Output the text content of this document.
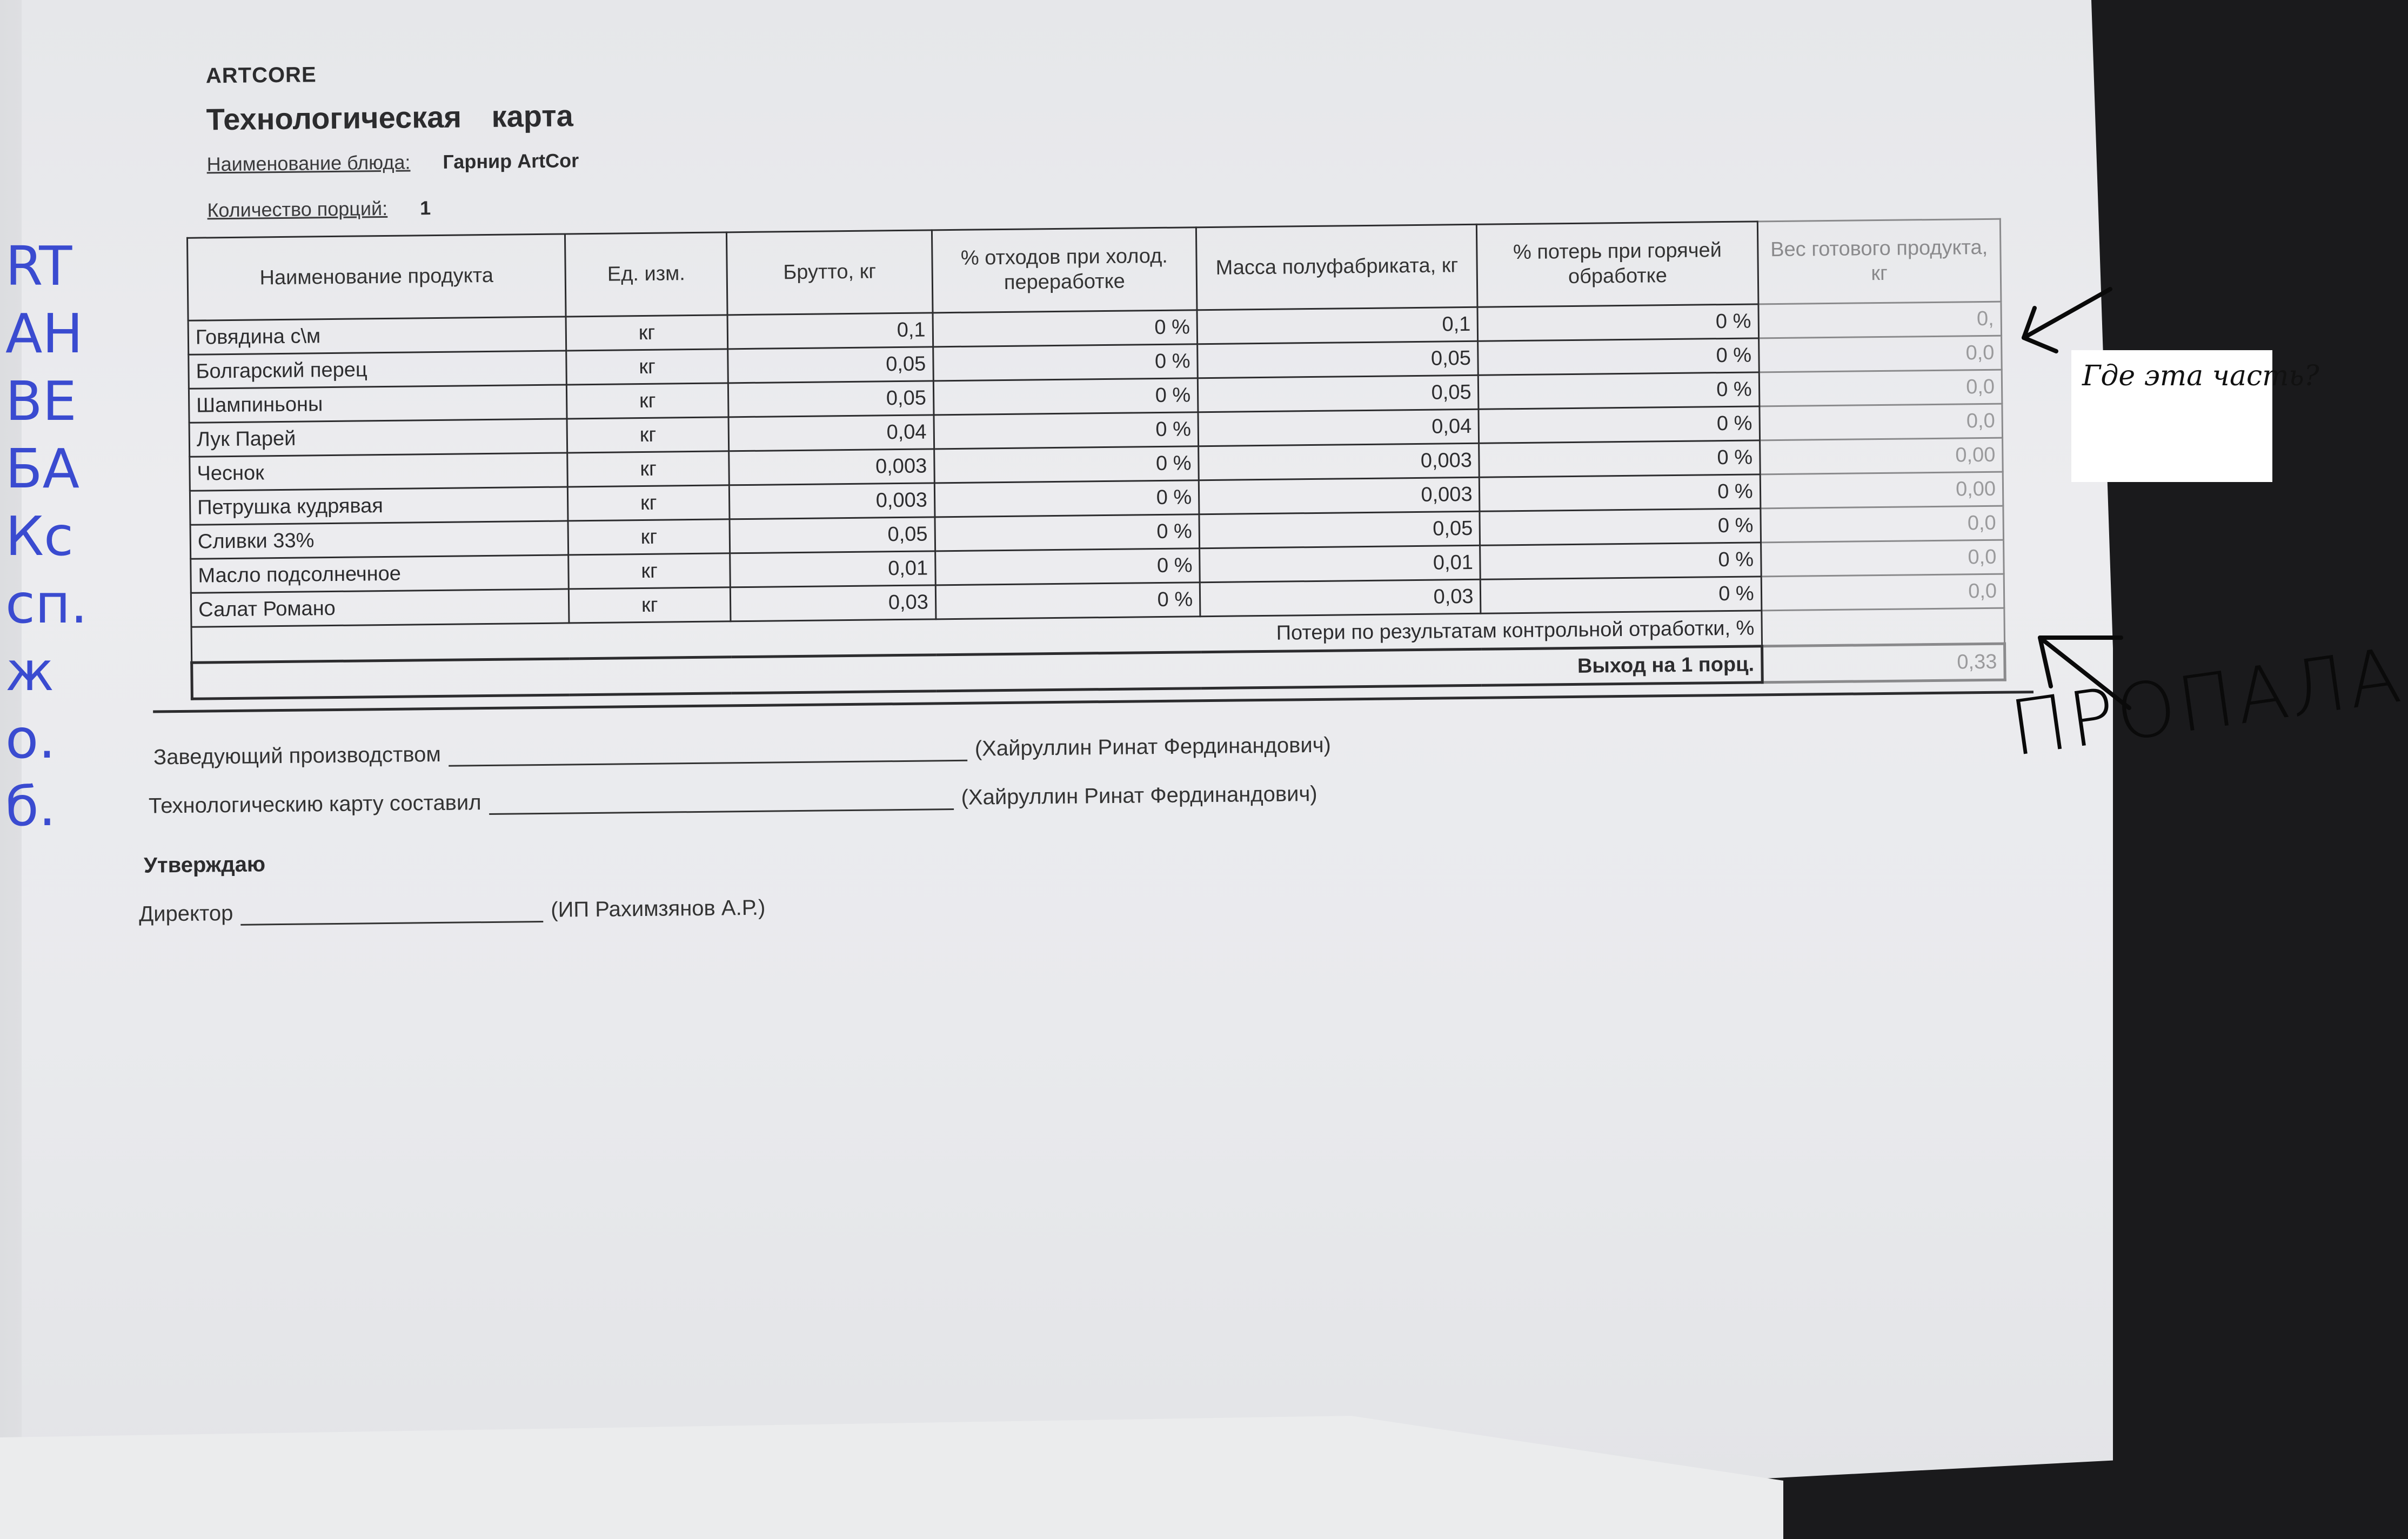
RT
АН
ВЕ
БА
Кс
сп.
ж
о.
б.
ARTCORE
Технологическая карта
Наименование блюда: Гарнир ArtCor
Количество порций: 1
Наименование продукта	Ед. изм.	Брутто, кг	% отходов при холод. переработке	Масса полуфабриката, кг	% потерь при горячей обработке	Вес готового продукта, кг
Говядина с\м	кг	0,1	0 %	0,1	0 %	0,
Болгарский перец	кг	0,05	0 %	0,05	0 %	0,0
Шампиньоны	кг	0,05	0 %	0,05	0 %	0,0
Лук Парей	кг	0,04	0 %	0,04	0 %	0,0
Чеснок	кг	0,003	0 %	0,003	0 %	0,00
Петрушка кудрявая	кг	0,003	0 %	0,003	0 %	0,00
Сливки 33%	кг	0,05	0 %	0,05	0 %	0,0
Масло подсолнечное	кг	0,01	0 %	0,01	0 %	0,0
Салат Романо	кг	0,03	0 %	0,03	0 %	0,0
Потери по результатам контрольной отработки, %						
Выход на 1 порц.						0,33
Заведующий производством	(Хайруллин Ринат Фердинандович)
Технологическию карту составил	(Хайруллин Ринат Фердинандович)
Утверждаю
Директор	(ИП Рахимзянов А.Р.)
Где эта часть?
ПРОПАЛА
